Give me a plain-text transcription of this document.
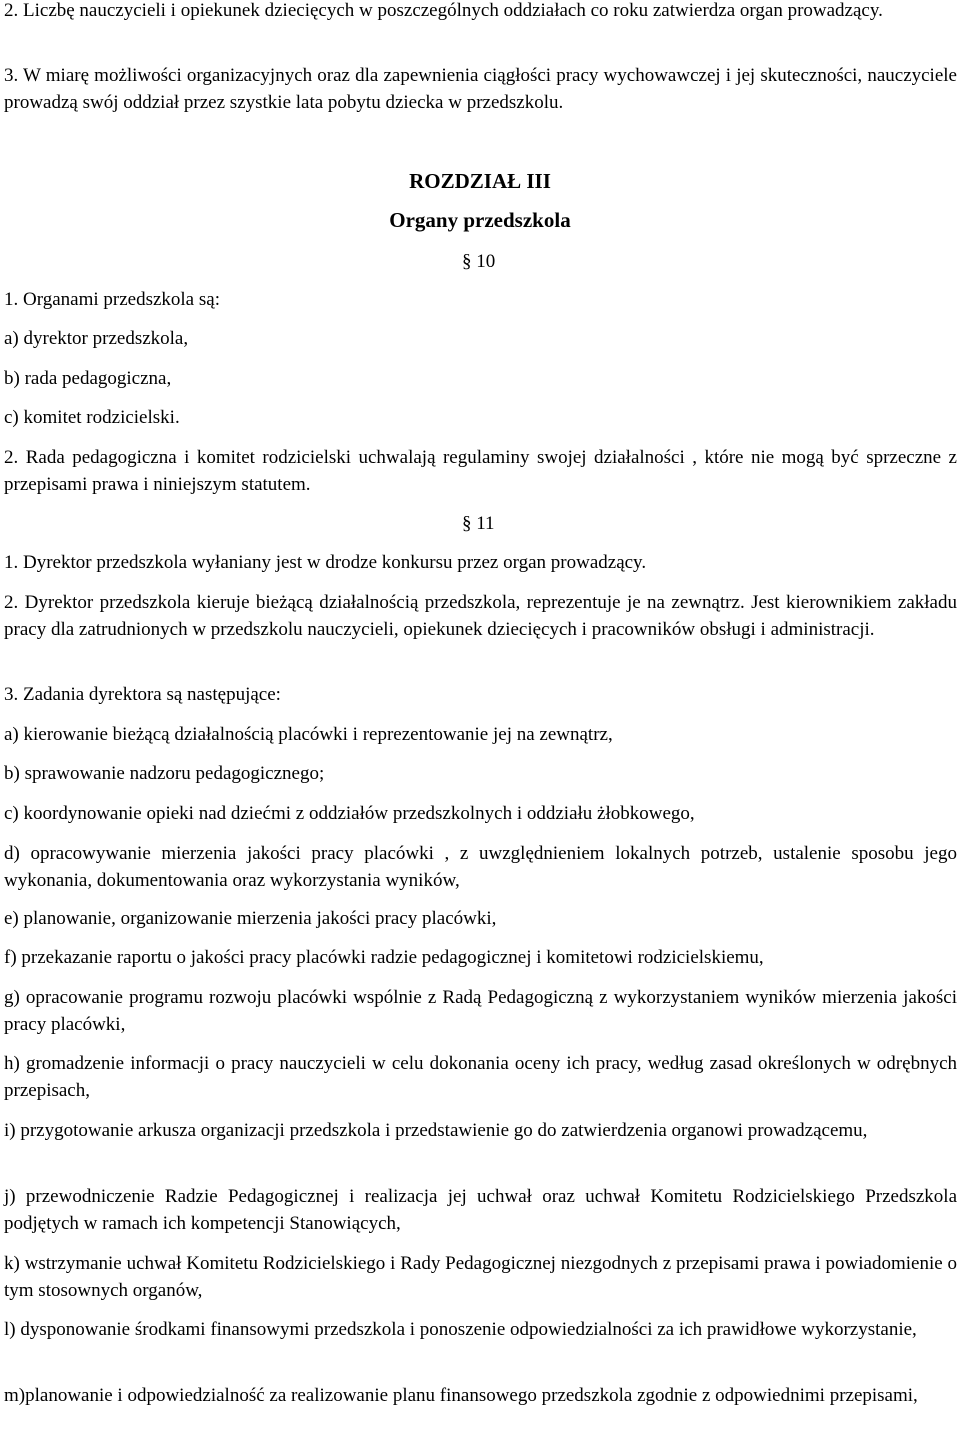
2. Liczbę nauczycieli i opiekunek dziecięcych w poszczególnych oddziałach co roku zatwierdza organ prowadzący.

3. W miarę możliwości organizacyjnych oraz dla zapewnienia ciągłości pracy wychowawczej i jej skuteczności, nauczyciele prowadzą swój oddział przez szystkie lata pobytu dziecka w przedszkolu.

ROZDZIAŁ III

Organy przedszkola

§ 10

1. Organami przedszkola są:

a) dyrektor przedszkola,

b) rada pedagogiczna,

c) komitet rodzicielski.

2. Rada pedagogiczna i komitet rodzicielski uchwalają regulaminy swojej działalności , które nie mogą być sprzeczne z przepisami prawa i niniejszym statutem.

§ 11

1. Dyrektor przedszkola wyłaniany jest w drodze konkursu przez organ prowadzący.

2. Dyrektor przedszkola kieruje bieżącą działalnością przedszkola, reprezentuje je na zewnątrz. Jest kierownikiem zakładu pracy dla zatrudnionych w przedszkolu nauczycieli, opiekunek dziecięcych i pracowników obsługi i administracji.

3. Zadania dyrektora są następujące:

a) kierowanie bieżącą działalnością placówki i reprezentowanie jej na zewnątrz,

b) sprawowanie nadzoru pedagogicznego;

c) koordynowanie opieki nad dziećmi z oddziałów przedszkolnych i oddziału żłobkowego,

d) opracowywanie mierzenia jakości pracy placówki , z uwzględnieniem lokalnych potrzeb, ustalenie sposobu jego wykonania, dokumentowania oraz wykorzystania wyników,

e) planowanie, organizowanie mierzenia jakości pracy placówki,

f) przekazanie raportu o jakości pracy placówki radzie pedagogicznej i komitetowi rodzicielskiemu,

g) opracowanie programu rozwoju placówki wspólnie z Radą Pedagogiczną z wykorzystaniem wyników mierzenia jakości pracy placówki,

h) gromadzenie informacji o pracy nauczycieli w celu dokonania oceny ich pracy, według zasad określonych w odrębnych przepisach,

i) przygotowanie arkusza organizacji przedszkola i przedstawienie go do zatwierdzenia organowi prowadzącemu,

j) przewodniczenie Radzie Pedagogicznej i realizacja jej uchwał oraz uchwał Komitetu Rodzicielskiego Przedszkola podjętych w ramach ich kompetencji Stanowiących,

k) wstrzymanie uchwał Komitetu Rodzicielskiego i Rady Pedagogicznej niezgodnych z przepisami prawa i powiadomienie o tym stosownych organów,

l) dysponowanie środkami finansowymi przedszkola i ponoszenie odpowiedzialności za ich prawidłowe wykorzystanie,

m)planowanie i odpowiedzialność za realizowanie planu finansowego przedszkola zgodnie z odpowiednimi przepisami,
